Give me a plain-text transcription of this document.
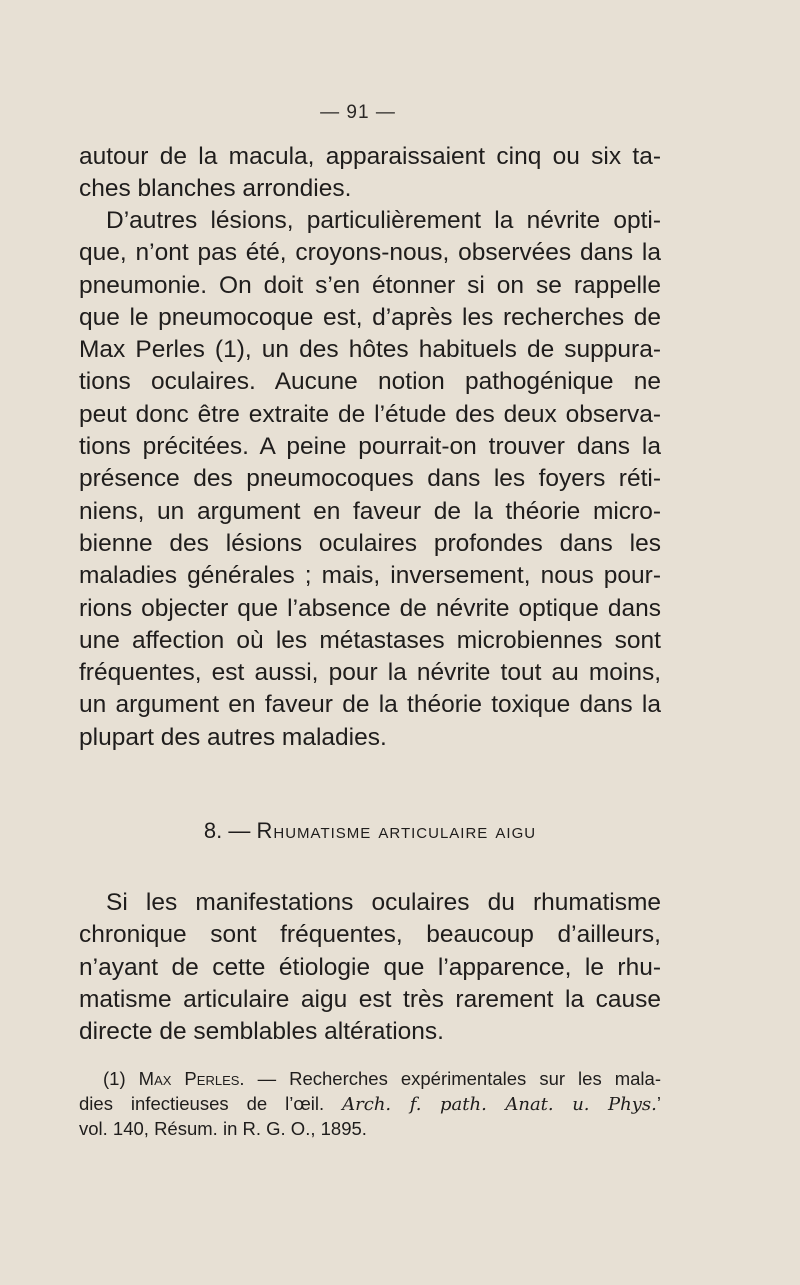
— 91 —

autour de la macula, apparaissaient cinq ou six ta-
ches blanches arrondies.

D’autres lésions, particulièrement la névrite opti-
que, n’ont pas été, croyons-nous, observées dans la
pneumonie. On doit s’en étonner si on se rappelle
que le pneumocoque est, d’après les recherches de
Max Perles (1), un des hôtes habituels de suppura-
tions oculaires. Aucune notion pathogénique ne
peut donc être extraite de l’étude des deux observa-
tions précitées. A peine pourrait-on trouver dans la
présence des pneumocoques dans les foyers réti-
niens, un argument en faveur de la théorie micro-
bienne des lésions oculaires profondes dans les
maladies générales ; mais, inversement, nous pour-
rions objecter que l’absence de névrite optique dans
une affection où les métastases microbiennes sont
fréquentes, est aussi, pour la névrite tout au moins,
un argument en faveur de la théorie toxique dans la
plupart des autres maladies.

8. — Rhumatisme articulaire aigu

Si les manifestations oculaires du rhumatisme
chronique sont fréquentes, beaucoup d’ailleurs,
n’ayant de cette étiologie que l’apparence, le rhu-
matisme articulaire aigu est très rarement la cause
directe de semblables altérations.

(1) Max Perles. — Recherches expérimentales sur les mala-
dies infectieuses de l’œil. Arch. f. path. Anat. u. Phys.’
vol. 140, Résum. in R. G. O., 1895.
